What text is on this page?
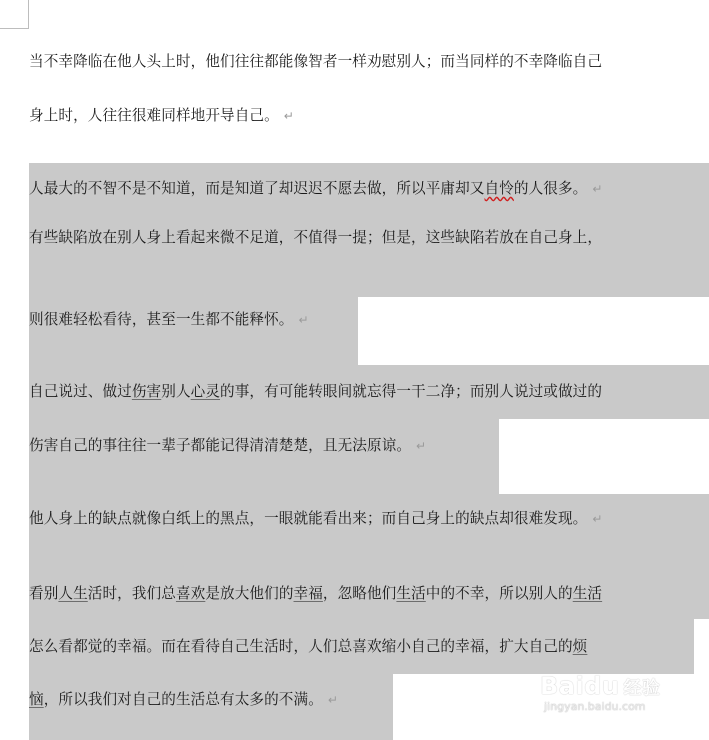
当不幸降临在他人头上时，他们往往都能像智者一样劝慰别人；而当同样的不幸降临自己
身上时，人往往很难同样地开导自己。 ↵
人最大的不智不是不知道，而是知道了却迟迟不愿去做，所以平庸却又自怜的人很多。 ↵
有些缺陷放在别人身上看起来微不足道，不值得一提；但是，这些缺陷若放在自己身上，
则很难轻松看待，甚至一生都不能释怀。 ↵
自己说过、做过伤害别人心灵的事，有可能转眼间就忘得一干二净；而别人说过或做过的
伤害自己的事往往一辈子都能记得清清楚楚，且无法原谅。 ↵
他人身上的缺点就像白纸上的黑点，一眼就能看出来；而自己身上的缺点却很难发现。 ↵
看别人生活时，我们总喜欢是放大他们的幸福，忽略他们生活中的不幸，所以别人的生活
怎么看都觉的幸福。而在看待自己生活时，人们总喜欢缩小自己的幸福，扩大自己的烦
恼，所以我们对自己的生活总有太多的不满。 ↵	Baidu 经验
jingyan.baidu.com
